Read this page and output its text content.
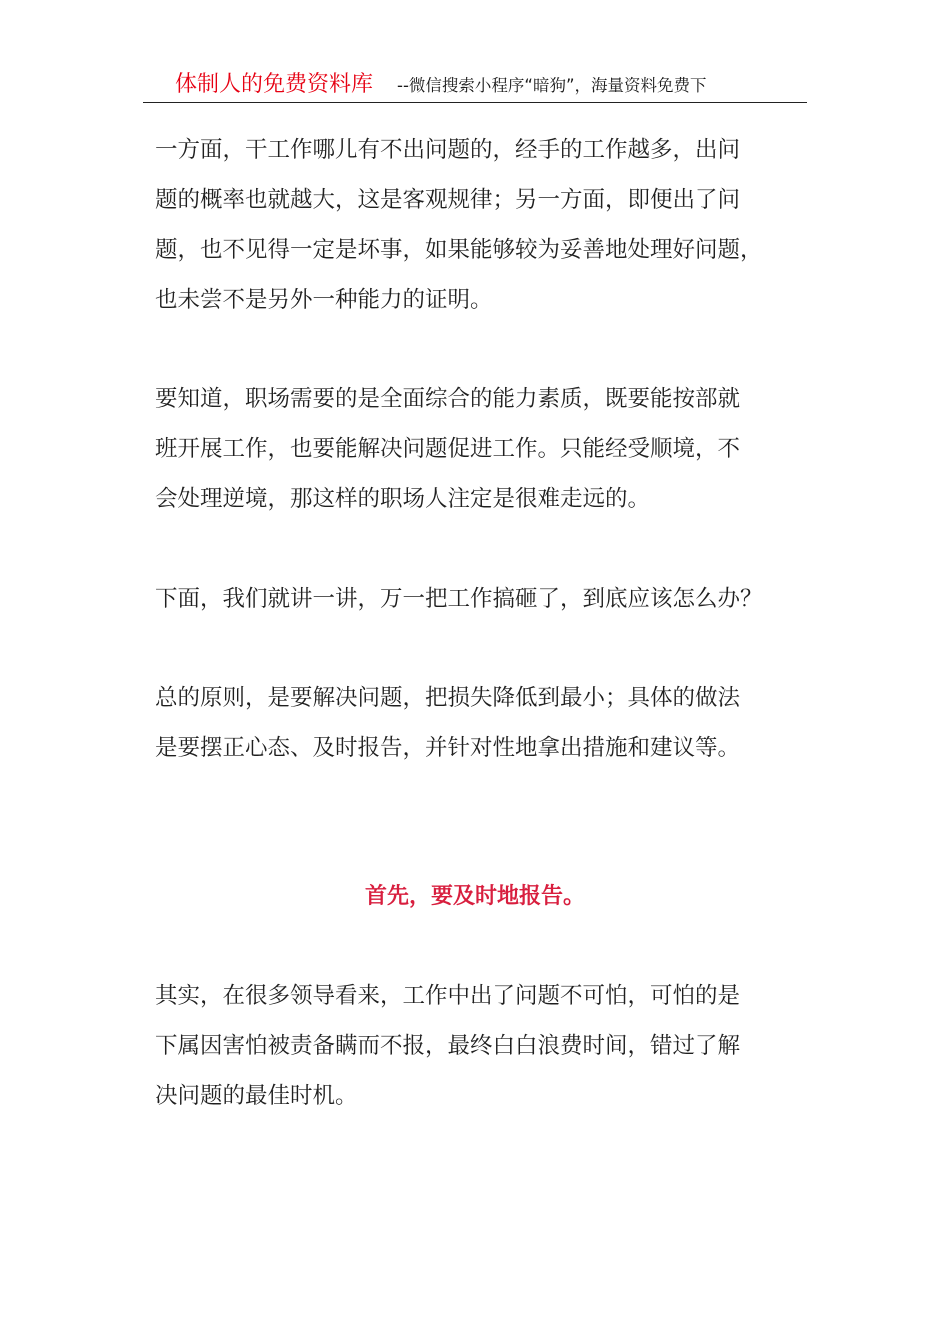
体制人的免费资料库 --微信搜索小程序“暗狗”，海量资料免费下

一方面，干工作哪儿有不出问题的，经手的工作越多，出问
题的概率也就越大，这是客观规律；另一方面，即便出了问
题，也不见得一定是坏事，如果能够较为妥善地处理好问题，
也未尝不是另外一种能力的证明。

要知道，职场需要的是全面综合的能力素质，既要能按部就
班开展工作，也要能解决问题促进工作。只能经受顺境，不
会处理逆境，那这样的职场人注定是很难走远的。

下面，我们就讲一讲，万一把工作搞砸了，到底应该怎么办？

总的原则，是要解决问题，把损失降低到最小；具体的做法
是要摆正心态、及时报告，并针对性地拿出措施和建议等。

首先，要及时地报告。

其实，在很多领导看来，工作中出了问题不可怕，可怕的是
下属因害怕被责备瞒而不报，最终白白浪费时间，错过了解
决问题的最佳时机。
